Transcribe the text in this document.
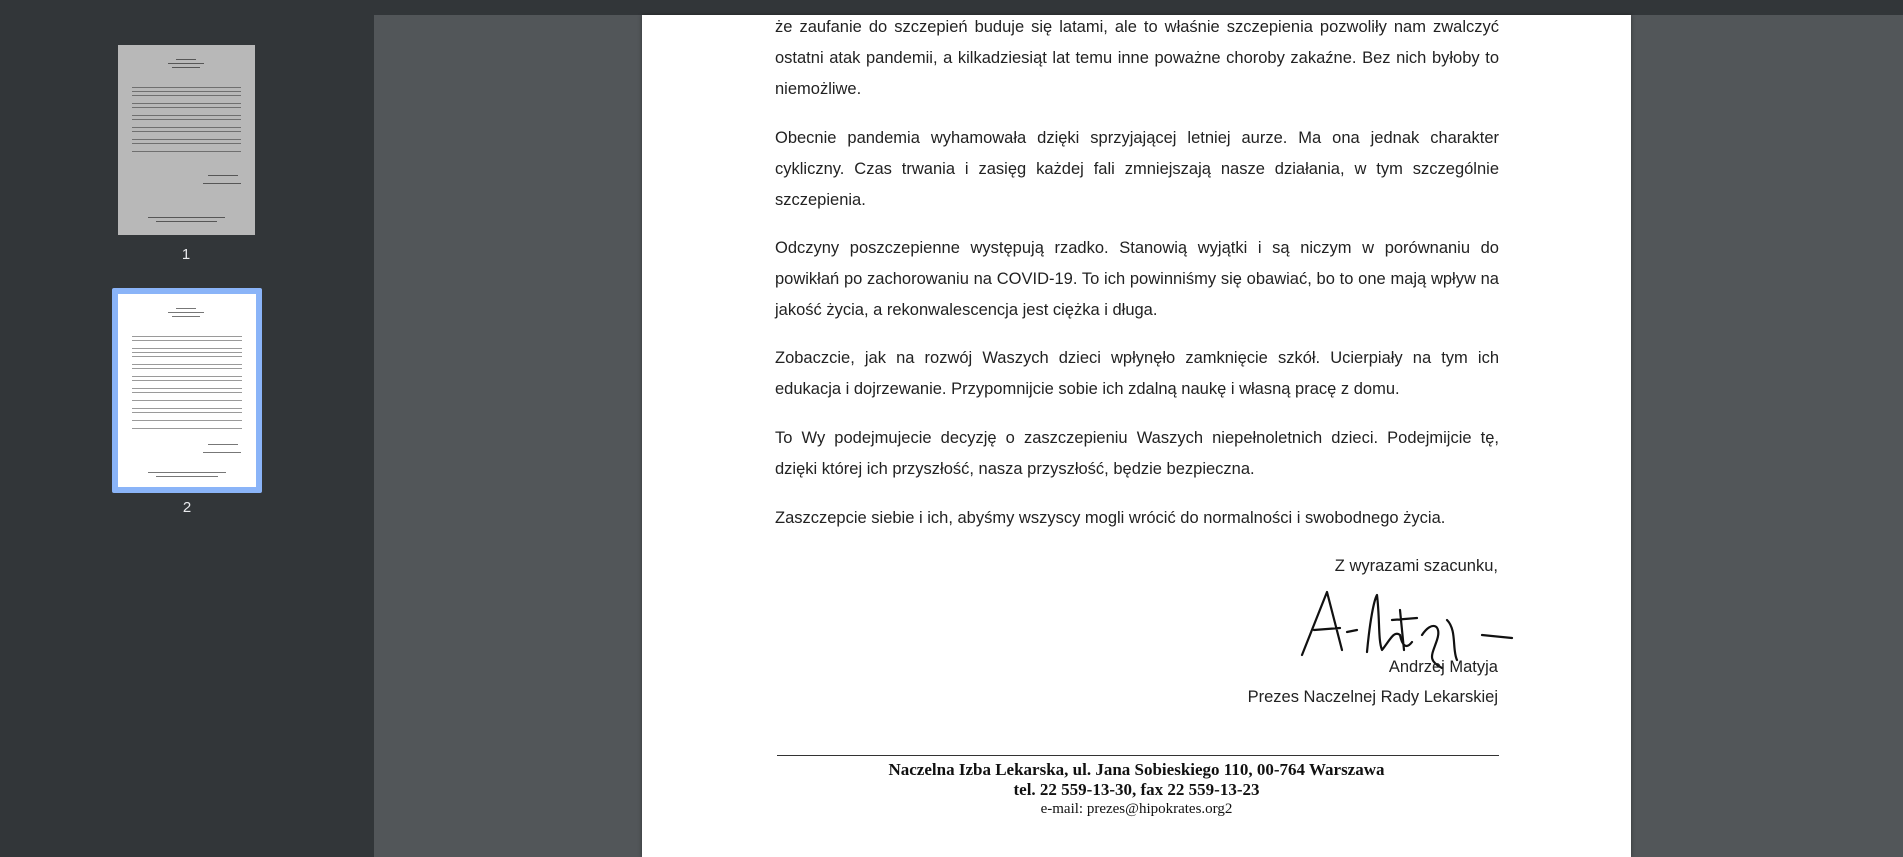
1
2

że zaufanie do szczepień buduje się latami, ale to właśnie szczepienia pozwoliły nam zwalczyć ostatni atak pandemii, a kilkadziesiąt lat temu inne poważne choroby zakaźne. Bez nich byłoby to niemożliwe.

Obecnie pandemia wyhamowała dzięki sprzyjającej letniej aurze. Ma ona jednak charakter cykliczny. Czas trwania i zasięg każdej fali zmniejszają nasze działania, w tym szczególnie szczepienia.

Odczyny poszczepienne występują rzadko. Stanowią wyjątki i są niczym w porównaniu do powikłań po zachorowaniu na COVID-19. To ich powinniśmy się obawiać, bo to one mają wpływ na jakość życia, a rekonwalescencja jest ciężka i długa.

Zobaczcie, jak na rozwój Waszych dzieci wpłynęło zamknięcie szkół. Ucierpiały na tym ich edukacja i dojrzewanie. Przypomnijcie sobie ich zdalną naukę i własną pracę z domu.

To Wy podejmujecie decyzję o zaszczepieniu Waszych niepełnoletnich dzieci. Podejmijcie tę, dzięki której ich przyszłość, nasza przyszłość, będzie bezpieczna.

Zaszczepcie siebie i ich, abyśmy wszyscy mogli wrócić do normalności i swobodnego życia.

Z wyrazami szacunku,
Andrzej Matyja
Prezes Naczelnej Rady Lekarskiej
Naczelna Izba Lekarska, ul. Jana Sobieskiego 110, 00-764 Warszawa
tel. 22 559-13-30, fax 22 559-13-23
e-mail: prezes@hipokrates.org2
